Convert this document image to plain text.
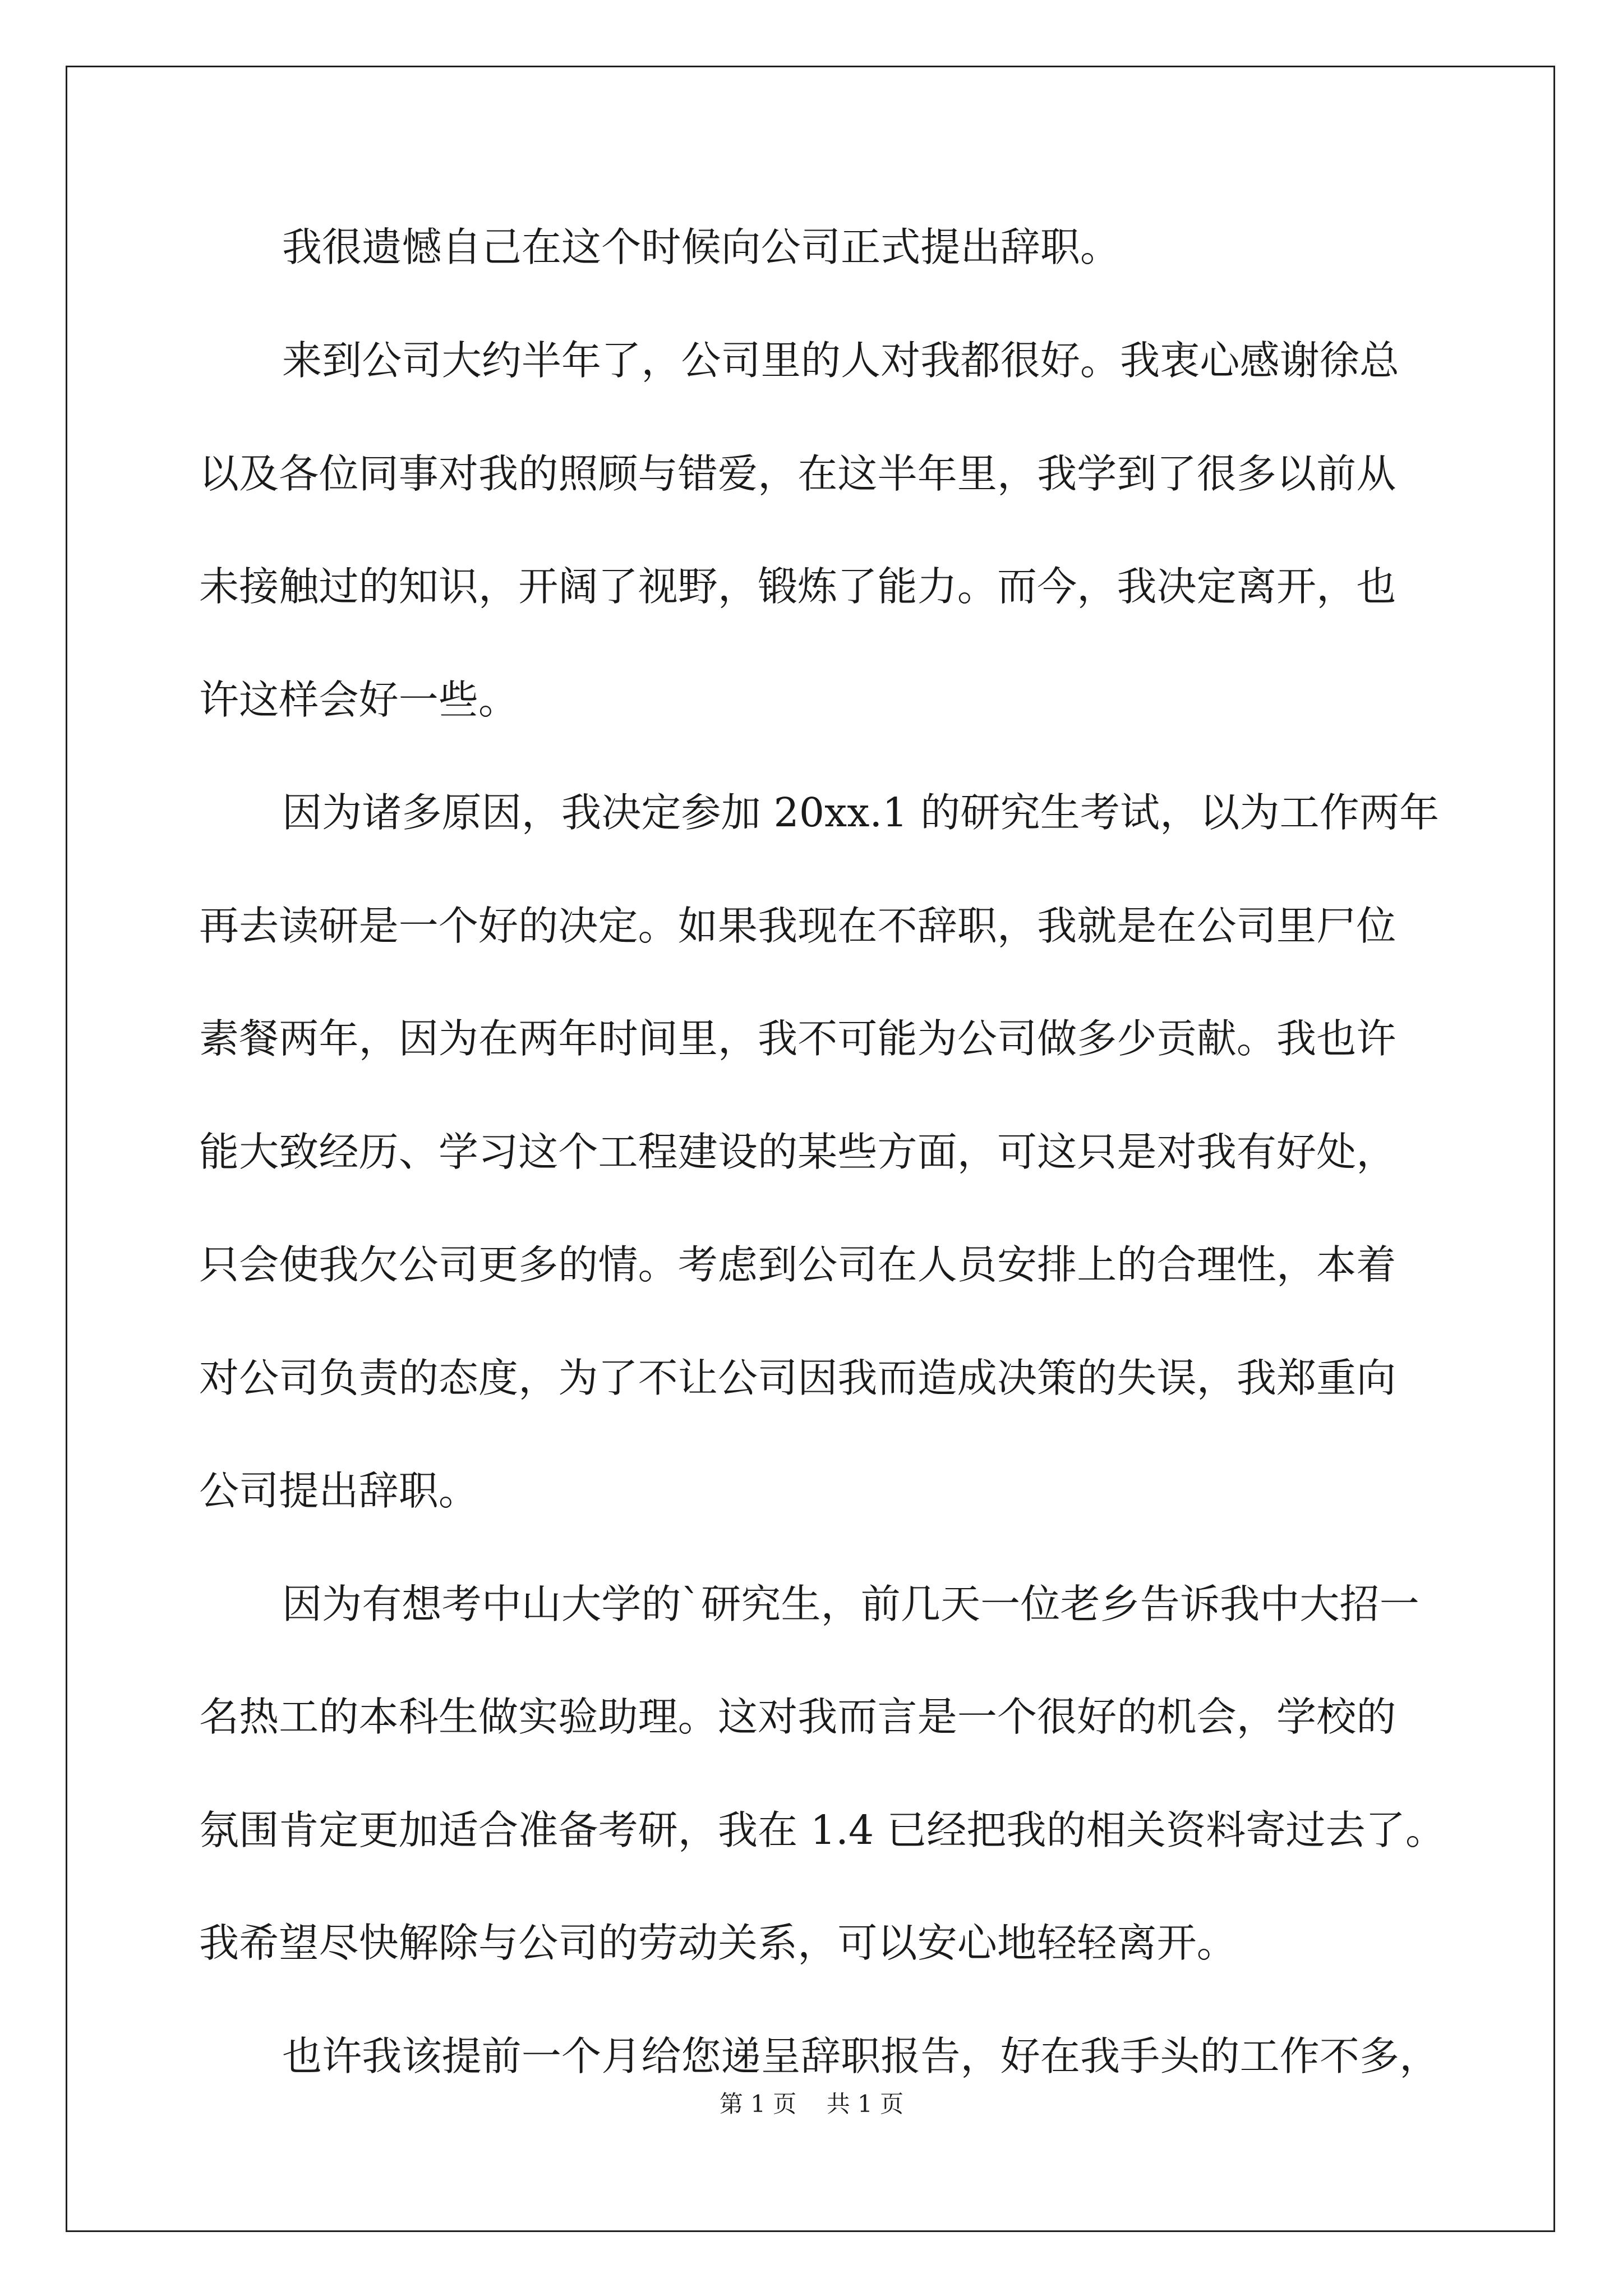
我很遗憾自己在这个时候向公司正式提出辞职。
来到公司大约半年了，公司里的人对我都很好。我衷心感谢徐总
以及各位同事对我的照顾与错爱，在这半年里，我学到了很多以前从
未接触过的知识，开阔了视野，锻炼了能力。而今，我决定离开，也
许这样会好一些。
因为诸多原因，我决定参加 20xx.1 的研究生考试，以为工作两年
再去读研是一个好的决定。如果我现在不辞职，我就是在公司里尸位
素餐两年，因为在两年时间里，我不可能为公司做多少贡献。我也许
能大致经历、学习这个工程建设的某些方面，可这只是对我有好处，
只会使我欠公司更多的情。考虑到公司在人员安排上的合理性，本着
对公司负责的态度，为了不让公司因我而造成决策的失误，我郑重向
公司提出辞职。
因为有想考中山大学的`研究生，前几天一位老乡告诉我中大招一
名热工的本科生做实验助理。这对我而言是一个很好的机会，学校的
氛围肯定更加适合准备考研，我在 1.4 已经把我的相关资料寄过去了。
我希望尽快解除与公司的劳动关系，可以安心地轻轻离开。
也许我该提前一个月给您递呈辞职报告，好在我手头的工作不多，
第 1 页    共 1 页
